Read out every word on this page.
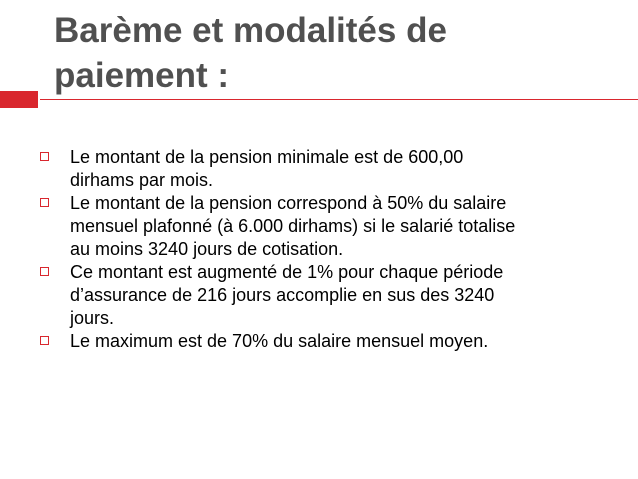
Barème et modalités de
paiement :
Le montant de la pension minimale est de 600,00
dirhams par mois.
Le montant de la pension correspond à 50% du salaire
mensuel plafonné (à 6.000 dirhams) si le salarié totalise
au moins 3240 jours de cotisation.
Ce montant est augmenté de 1% pour chaque période
d’assurance de 216 jours accomplie en sus des 3240
jours.
Le maximum est de 70% du salaire mensuel moyen.
